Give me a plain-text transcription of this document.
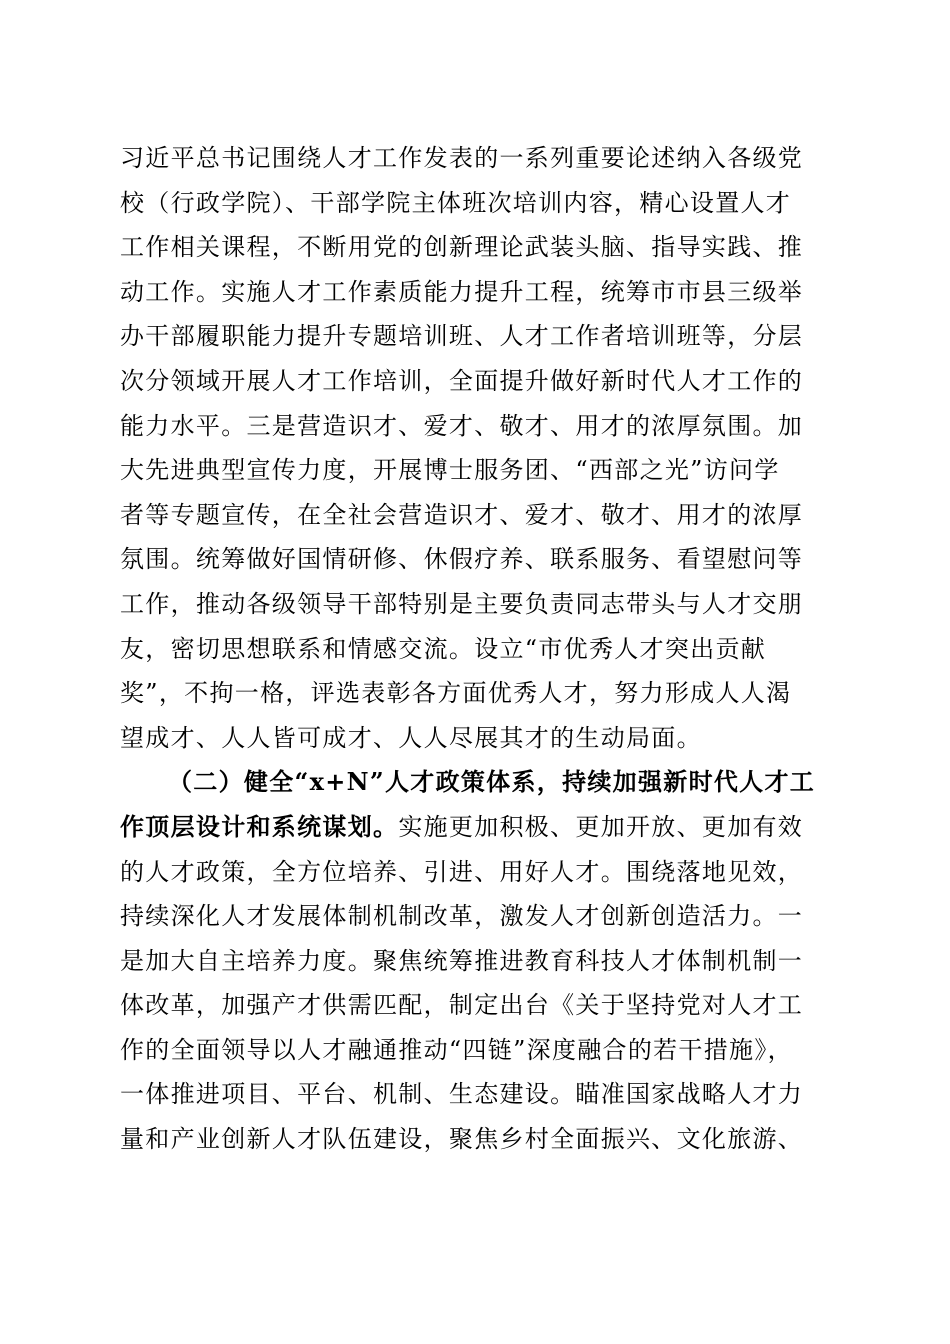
习近平总书记围绕人才工作发表的一系列重要论述纳入各级党
校（行政学院）、干部学院主体班次培训内容，精心设置人才
工作相关课程，不断用党的创新理论武装头脑、指导实践、推
动工作。实施人才工作素质能力提升工程，统筹市市县三级举
办干部履职能力提升专题培训班、人才工作者培训班等，分层
次分领域开展人才工作培训，全面提升做好新时代人才工作的
能力水平。三是营造识才、爱才、敬才、用才的浓厚氛围。加
大先进典型宣传力度，开展博士服务团、“西部之光”访问学
者等专题宣传，在全社会营造识才、爱才、敬才、用才的浓厚
氛围。统筹做好国情研修、休假疗养、联系服务、看望慰问等
工作，推动各级领导干部特别是主要负责同志带头与人才交朋
友，密切思想联系和情感交流。设立“市优秀人才突出贡献
奖”，不拘一格，评选表彰各方面优秀人才，努力形成人人渴
望成才、人人皆可成才、人人尽展其才的生动局面。
（二）健全“x+N”人才政策体系，持续加强新时代人才工
作顶层设计和系统谋划。实施更加积极、更加开放、更加有效
的人才政策，全方位培养、引进、用好人才。围绕落地见效，
持续深化人才发展体制机制改革，激发人才创新创造活力。一
是加大自主培养力度。聚焦统筹推进教育科技人才体制机制一
体改革，加强产才供需匹配，制定出台《关于坚持党对人才工
作的全面领导以人才融通推动“四链”深度融合的若干措施》，
一体推进项目、平台、机制、生态建设。瞄准国家战略人才力
量和产业创新人才队伍建设，聚焦乡村全面振兴、文化旅游、
